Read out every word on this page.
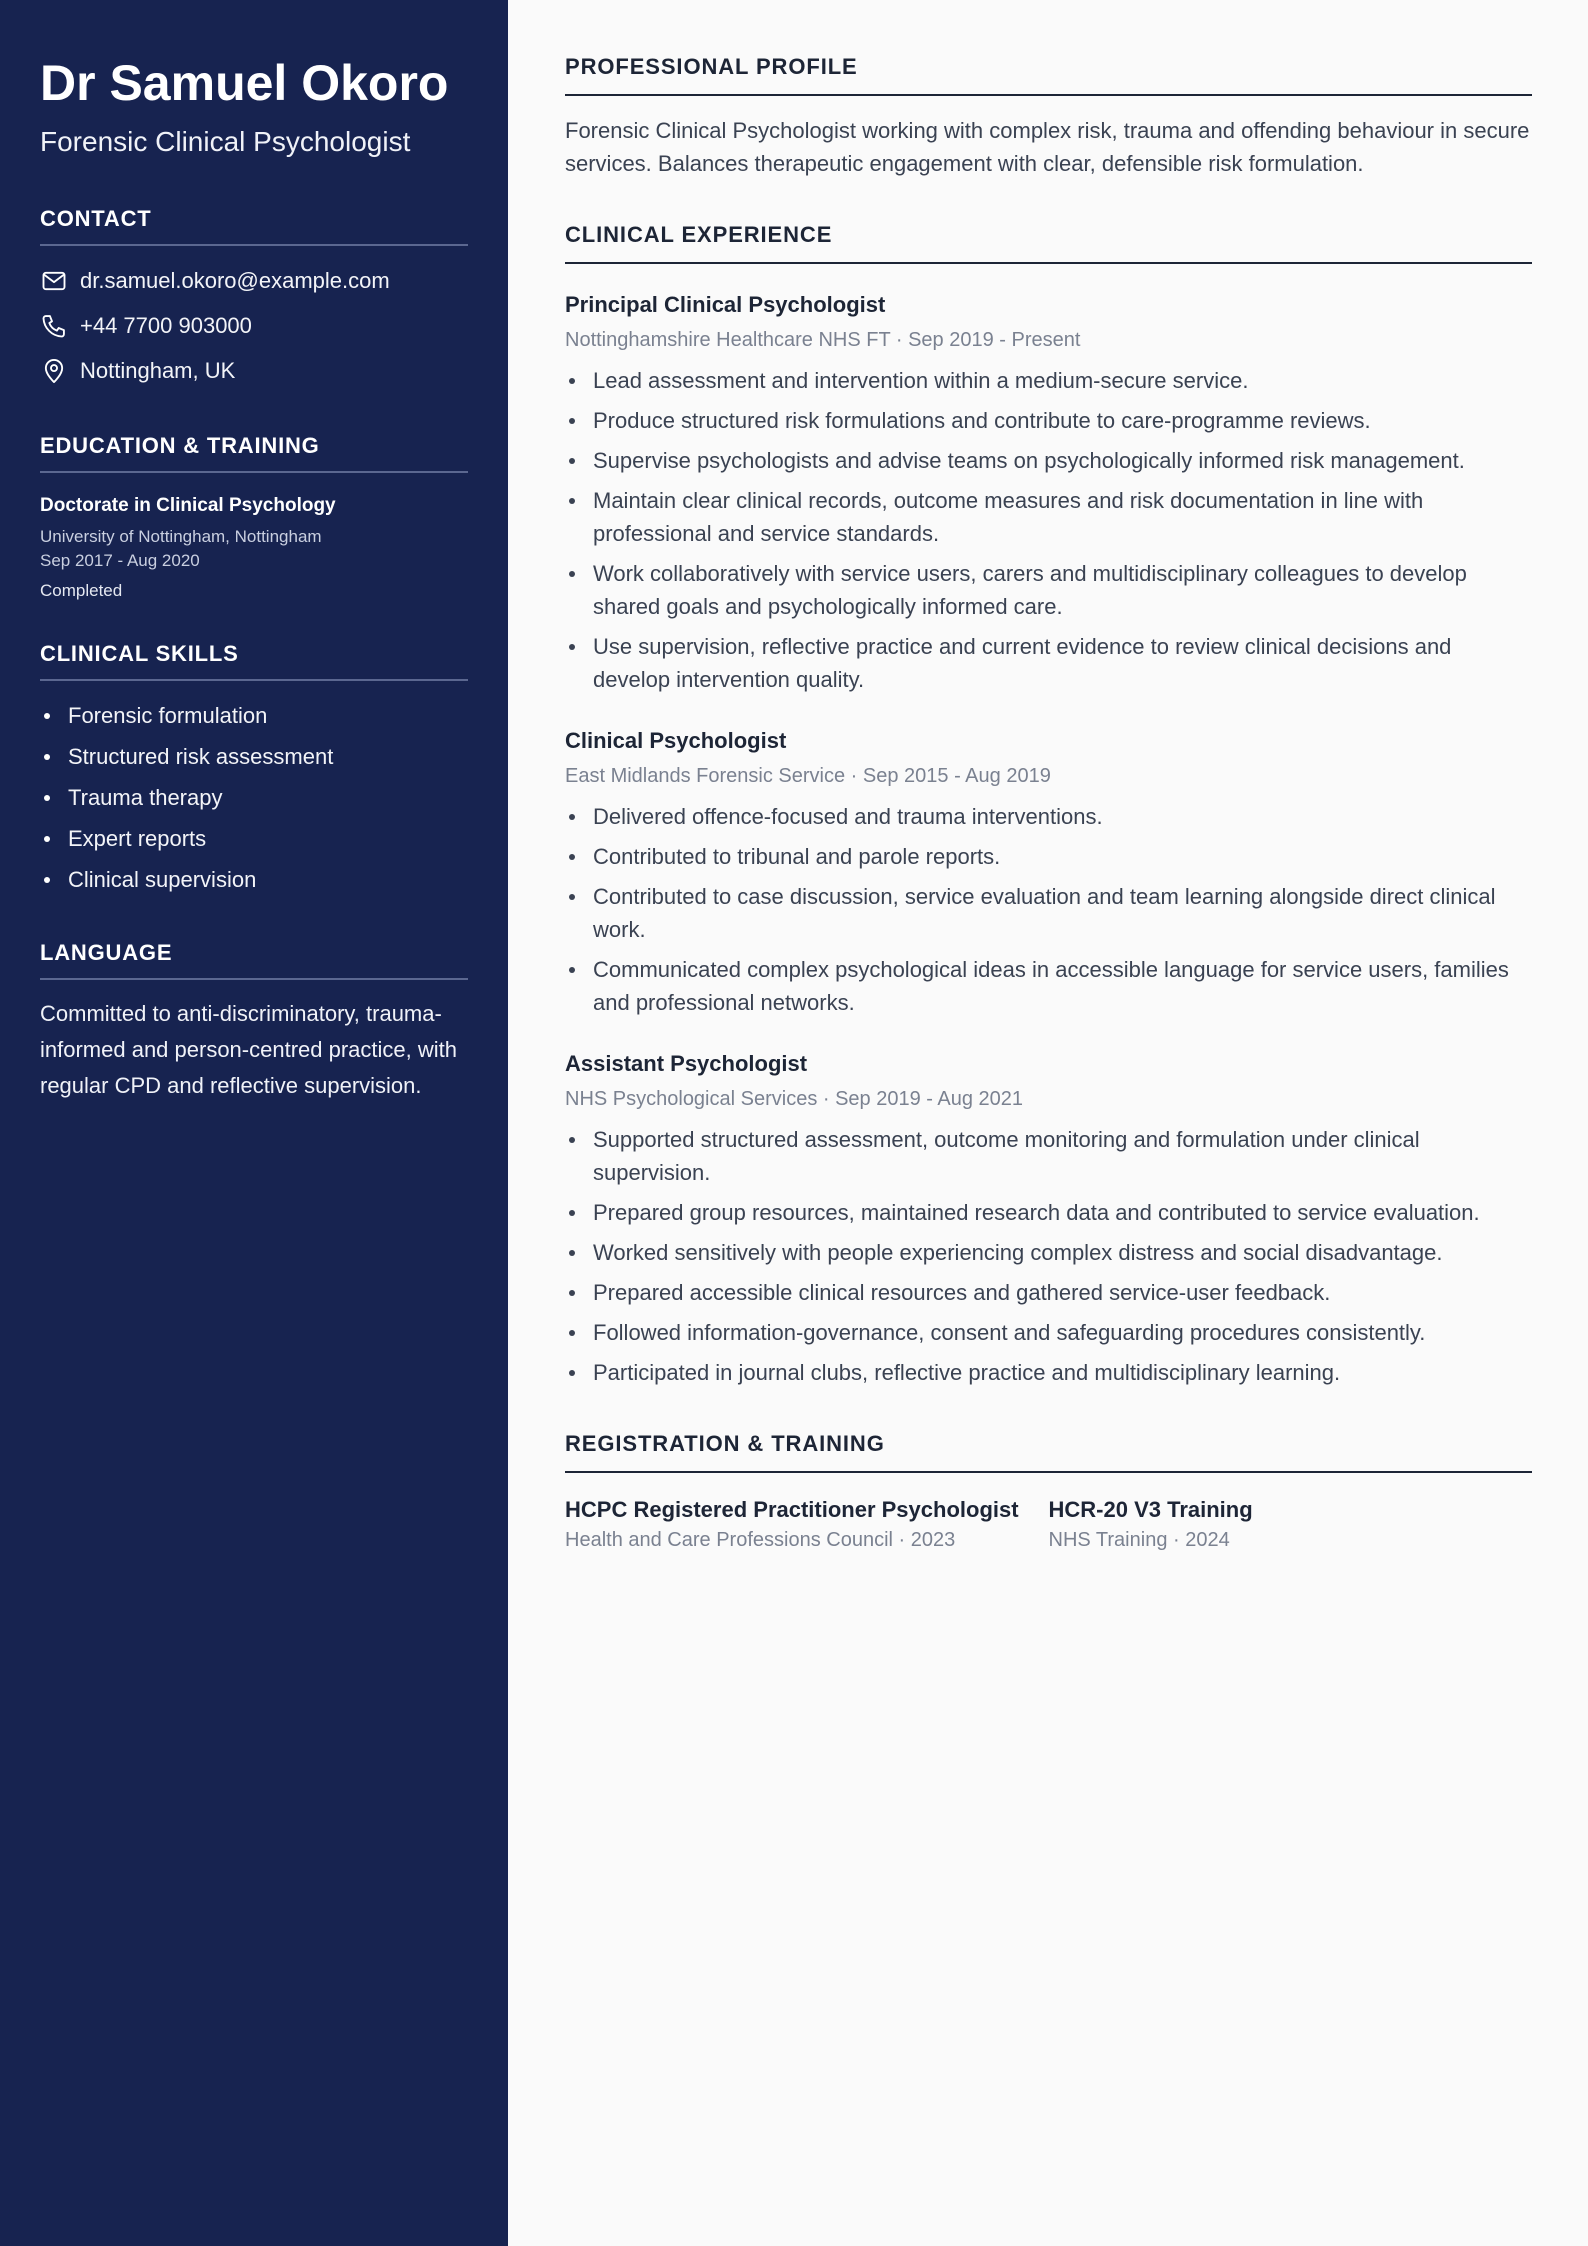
Dr Samuel Okoro
Forensic Clinical Psychologist
CONTACT
dr.samuel.okoro@example.com
+44 7700 903000
Nottingham, UK
EDUCATION & TRAINING
Doctorate in Clinical Psychology
University of Nottingham, Nottingham
Sep 2017 - Aug 2020
Completed
CLINICAL SKILLS
Forensic formulation
Structured risk assessment
Trauma therapy
Expert reports
Clinical supervision
LANGUAGE

Committed to anti-discriminatory, trauma-informed and person-centred practice, with regular CPD and reflective supervision.

PROFESSIONAL PROFILE

Forensic Clinical Psychologist working with complex risk, trauma and offending behaviour in secure services. Balances therapeutic engagement with clear, defensible risk formulation.

CLINICAL EXPERIENCE
Principal Clinical Psychologist
Nottinghamshire Healthcare NHS FT · Sep 2019 - Present
Lead assessment and intervention within a medium-secure service.
Produce structured risk formulations and contribute to care-programme reviews.
Supervise psychologists and advise teams on psychologically informed risk management.
Maintain clear clinical records, outcome measures and risk documentation in line with professional and service standards.
Work collaboratively with service users, carers and multidisciplinary colleagues to develop shared goals and psychologically informed care.
Use supervision, reflective practice and current evidence to review clinical decisions and develop intervention quality.
Clinical Psychologist
East Midlands Forensic Service · Sep 2015 - Aug 2019
Delivered offence-focused and trauma interventions.
Contributed to tribunal and parole reports.
Contributed to case discussion, service evaluation and team learning alongside direct clinical work.
Communicated complex psychological ideas in accessible language for service users, families and professional networks.
Assistant Psychologist
NHS Psychological Services · Sep 2019 - Aug 2021
Supported structured assessment, outcome monitoring and formulation under clinical supervision.
Prepared group resources, maintained research data and contributed to service evaluation.
Worked sensitively with people experiencing complex distress and social disadvantage.
Prepared accessible clinical resources and gathered service-user feedback.
Followed information-governance, consent and safeguarding procedures consistently.
Participated in journal clubs, reflective practice and multidisciplinary learning.
REGISTRATION & TRAINING
HCPC Registered Practitioner Psychologist
Health and Care Professions Council · 2023
HCR-20 V3 Training
NHS Training · 2024
